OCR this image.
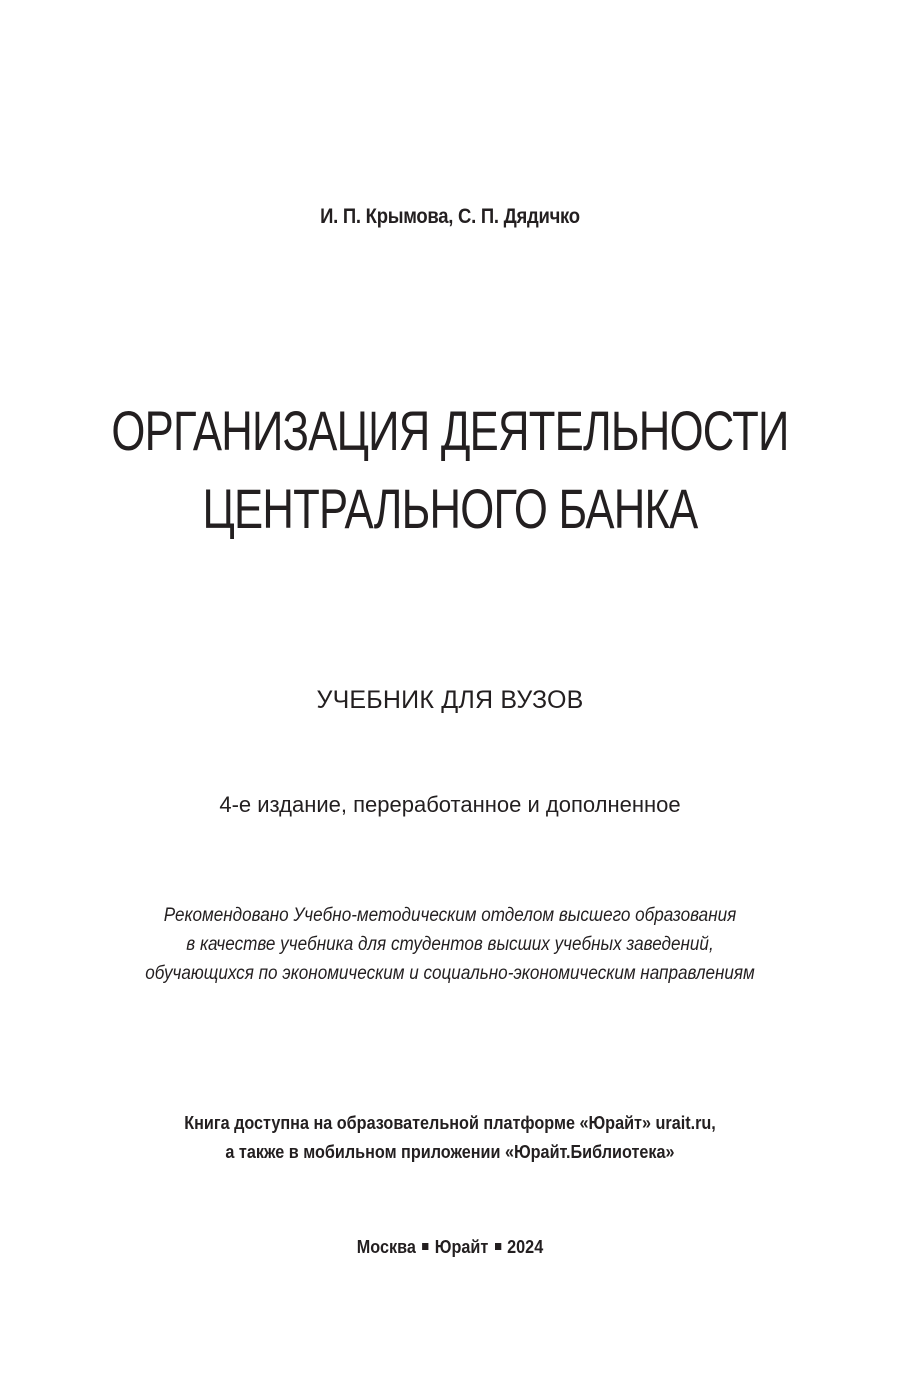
И. П. Крымова, С. П. Дядичко
ОРГАНИЗАЦИЯ ДЕЯТЕЛЬНОСТИ
ЦЕНТРАЛЬНОГО БАНКА
УЧЕБНИК ДЛЯ ВУЗОВ
4-е издание, переработанное и дополненное
Рекомендовано Учебно-методическим отделом высшего образования
в качестве учебника для студентов высших учебных заведений,
обучающихся по экономическим и социально-экономическим направлениям
Книга доступна на образовательной платформе «Юрайт» urait.ru,
а также в мобильном приложении «Юрайт.Библиотека»
Москва Юрайт 2024
